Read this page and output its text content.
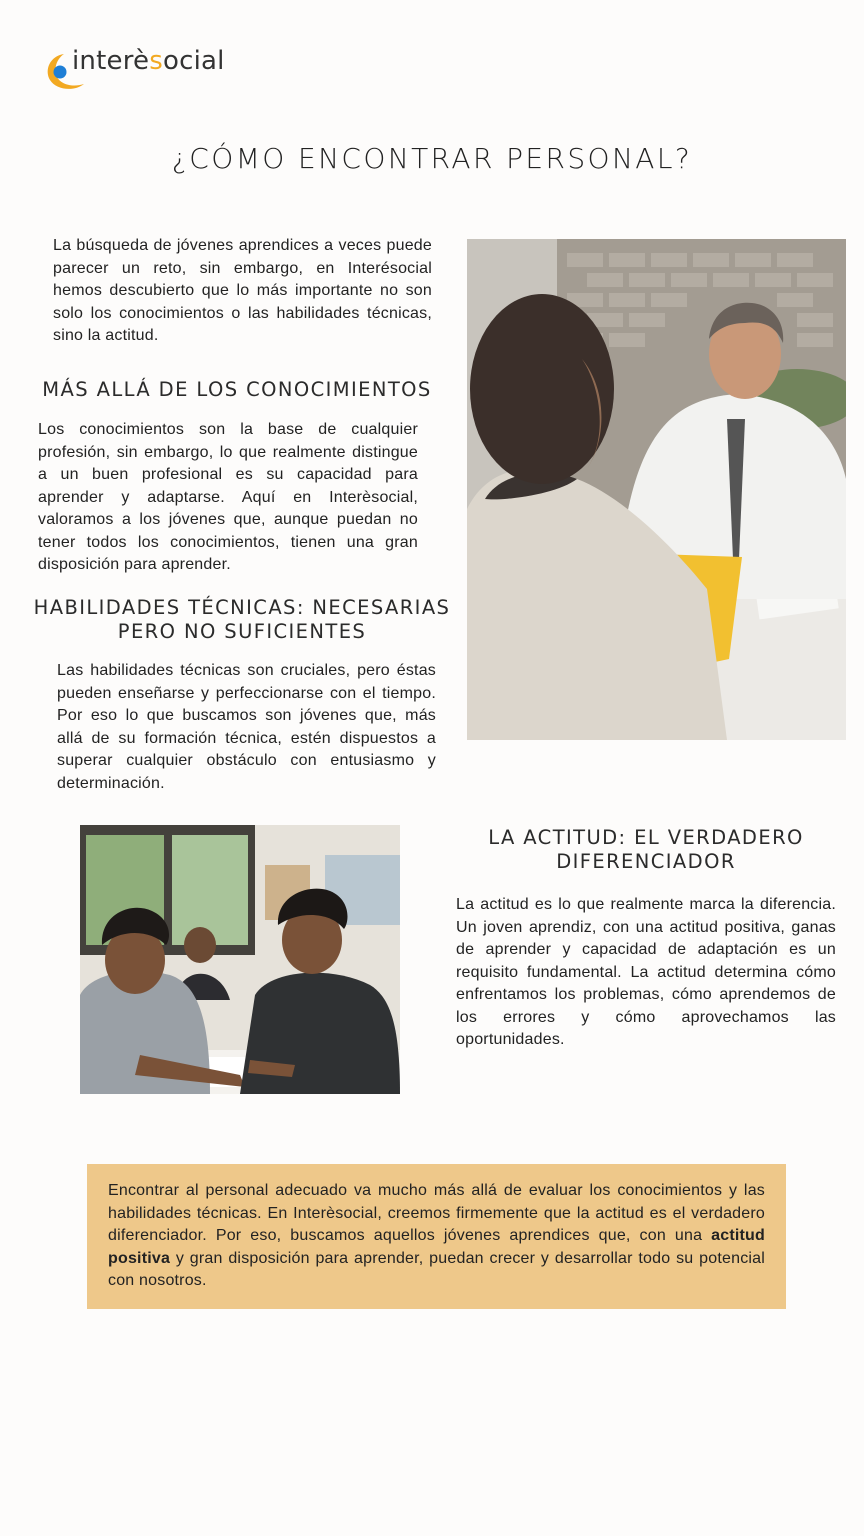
interèsocial
¿CÓMO ENCONTRAR PERSONAL?
La búsqueda de jóvenes aprendices a veces puede parecer un reto, sin embargo, en Interésocial hemos descubierto que lo más importante no son solo los conocimientos o las habilidades técnicas, sino la actitud.
MÁS ALLÁ DE LOS CONOCIMIENTOS
Los conocimientos son la base de cualquier profesión, sin embargo, lo que realmente distingue a un buen profesional es su capacidad para aprender y adaptarse. Aquí en Interèsocial, valoramos a los jóvenes que, aunque puedan no tener todos los conocimientos, tienen una gran disposición para aprender.
HABILIDADES TÉCNICAS: NECESARIAS
PERO NO SUFICIENTES
Las habilidades técnicas son cruciales, pero éstas pueden enseñarse y perfeccionarse con el tiempo. Por eso lo que buscamos son jóvenes que, más allá de su formación técnica, estén dispuestos a superar cualquier obstáculo con entusiasmo y determinación.
LA ACTITUD: EL VERDADERO
DIFERENCIADOR
La actitud es lo que realmente marca la diferencia. Un joven aprendiz, con una actitud positiva, ganas de aprender y capacidad de adaptación es un requisito fundamental. La actitud determina cómo enfrentamos los problemas, cómo aprendemos de los errores y cómo aprovechamos las oportunidades.
Encontrar al personal adecuado va mucho más allá de evaluar los conocimientos y las habilidades técnicas. En Interèsocial, creemos firmemente que la actitud es el verdadero diferenciador. Por eso, buscamos aquellos jóvenes aprendices que, con una actitud positiva y gran disposición para aprender, puedan crecer y desarrollar todo su potencial con nosotros.
